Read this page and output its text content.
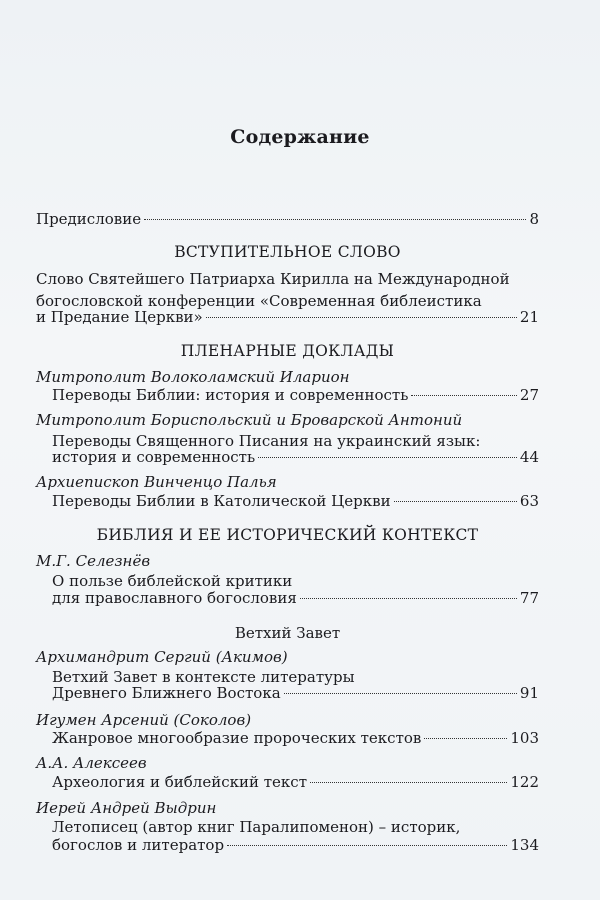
Содержание
Предисловие	8
ВСТУПИТЕЛЬНОЕ СЛОВО
Слово Святейшего Патриарха Кирилла на Международной
богословской конференции «Современная библеистика
и Предание Церкви»	21
ПЛЕНАРНЫЕ ДОКЛАДЫ
Митрополит Волоколамский Иларион
Переводы Библии: история и современность	27
Митрополит Бориспольский и Броварской Антоний
Переводы Священного Писания на украинский язык:
история и современность	44
Архиепископ Винченцо Палья
Переводы Библии в Католической Церкви	63
БИБЛИЯ И ЕЕ ИСТОРИЧЕСКИЙ КОНТЕКСТ
М.Г. Селезнёв
О пользе библейской критики
для православного богословия	77
Ветхий Завет
Архимандрит Сергий (Акимов)
Ветхий Завет в контексте литературы
Древнего Ближнего Востока	91
Игумен Арсений (Соколов)
Жанровое многообразие пророческих текстов	103
А.А. Алексеев
Археология и библейский текст	122
Иерей Андрей Выдрин
Летописец (автор книг Паралипоменон) – историк,
богослов и литератор	134
